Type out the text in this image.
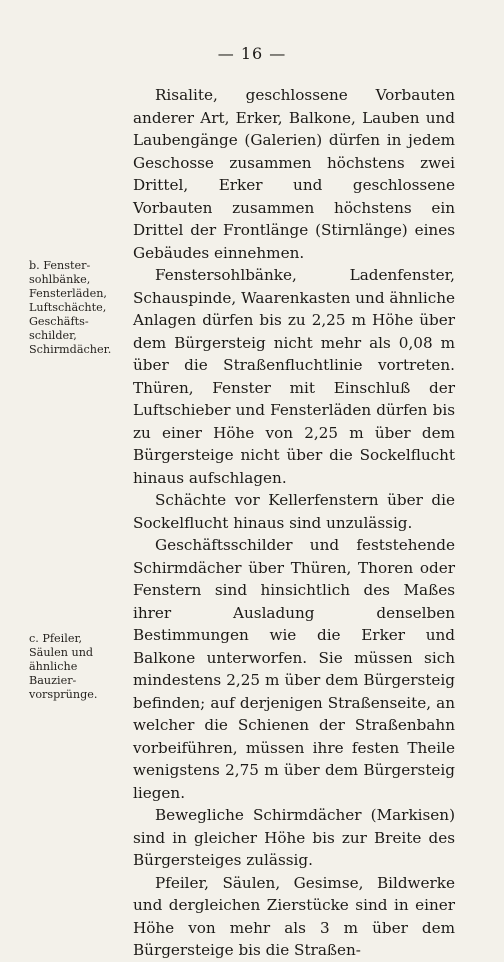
— 16 —
b. Fenster-
sohlbänke,
Fensterläden,
Luftschächte,
Geschäfts-
schilder,
Schirmdächer.
c. Pfeiler,
Säulen und
ähnliche
Bauzier-
vorsprünge.

Risalite, geschlossene Vorbauten anderer Art, Erker, Balkone, Lauben und Laubengänge (Galerien) dürfen in jedem Geschosse zusammen höchstens zwei Drittel, Erker und geschlossene Vorbauten zusammen höchstens ein Drittel der Frontlänge (Stirnlänge) eines Gebäudes einnehmen.

Fenstersohlbänke, Ladenfenster, Schauspinde, Waarenkasten und ähnliche Anlagen dürfen bis zu 2,25 m Höhe über dem Bürgersteig nicht mehr als 0,08 m über die Straßenfluchtlinie vortreten. Thüren, Fenster mit Einschluß der Luftschieber und Fensterläden dürfen bis zu einer Höhe von 2,25 m über dem Bürgersteige nicht über die Sockelflucht hinaus aufschlagen.

Schächte vor Kellerfenstern über die Sockelflucht hinaus sind unzulässig.

Geschäftsschilder und feststehende Schirmdächer über Thüren, Thoren oder Fenstern sind hinsichtlich des Maßes ihrer Ausladung denselben Bestimmungen wie die Erker und Balkone unterworfen. Sie müssen sich mindestens 2,25 m über dem Bürgersteig befinden; auf derjenigen Straßenseite, an welcher die Schienen der Straßenbahn vorbeiführen, müssen ihre festen Theile wenigstens 2,75 m über dem Bürgersteig liegen.

Bewegliche Schirmdächer (Markisen) sind in gleicher Höhe bis zur Breite des Bürgersteiges zulässig.

Pfeiler, Säulen, Gesimse, Bildwerke und dergleichen Zierstücke sind in einer Höhe von mehr als 3 m über dem Bürgersteige bis die Straßen-
